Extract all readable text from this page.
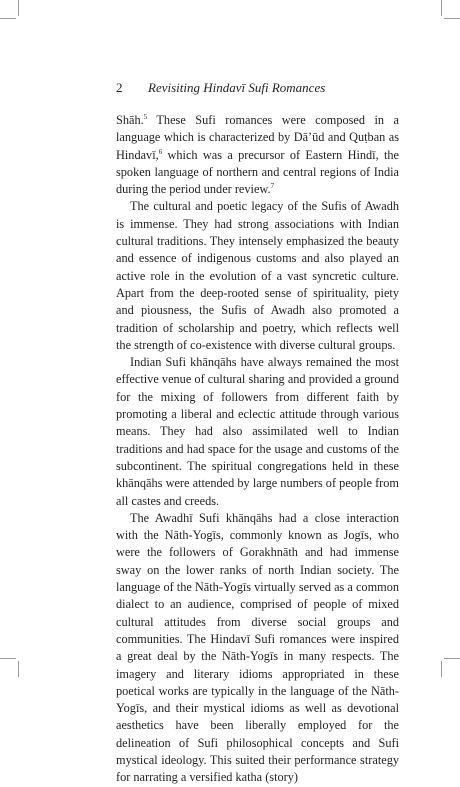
2 Revisiting Hindavī Sufi Romances

Shāh.$^5$ These Sufi romances were composed in a language which is characterized by Dā’ūd and Quṭban as Hindavī,$^6$ which was a precursor of Eastern Hindī, the spoken language of northern and central regions of India during the period under review.$^7$

The cultural and poetic legacy of the Sufis of Awadh is immense. They had strong associations with Indian cultural traditions. They intensely emphasized the beauty and essence of indigenous customs and also played an active role in the evolution of a vast syncretic culture. Apart from the deep-rooted sense of spirituality, piety and piousness, the Sufis of Awadh also promoted a tradition of scholarship and poetry, which reflects well the strength of co-existence with diverse cultural groups.

Indian Sufi khānqāhs have always remained the most effective venue of cultural sharing and provided a ground for the mixing of followers from different faith by promoting a liberal and eclectic attitude through various means. They had also assimilated well to Indian traditions and had space for the usage and customs of the subcontinent. The spiritual congregations held in these khānqāhs were attended by large numbers of people from all castes and creeds.

The Awadhī Sufi khānqāhs had a close interaction with the Nāth-Yogīs, commonly known as Jogīs, who were the followers of Gorakhnāth and had immense sway on the lower ranks of north Indian society. The language of the Nāth-Yogīs virtually served as a common dialect to an audience, comprised of people of mixed cultural attitudes from diverse social groups and communities. The Hindavī Sufi romances were inspired a great deal by the Nāth-Yogīs in many respects. The imagery and literary idioms appropriated in these poetical works are typically in the language of the Nāth-Yogīs, and their mystical idioms as well as devotional aesthetics have been liberally employed for the delineation of Sufi philosophical concepts and Sufi mystical ideology. This suited their performance strategy for narrating a versified katha (story)
